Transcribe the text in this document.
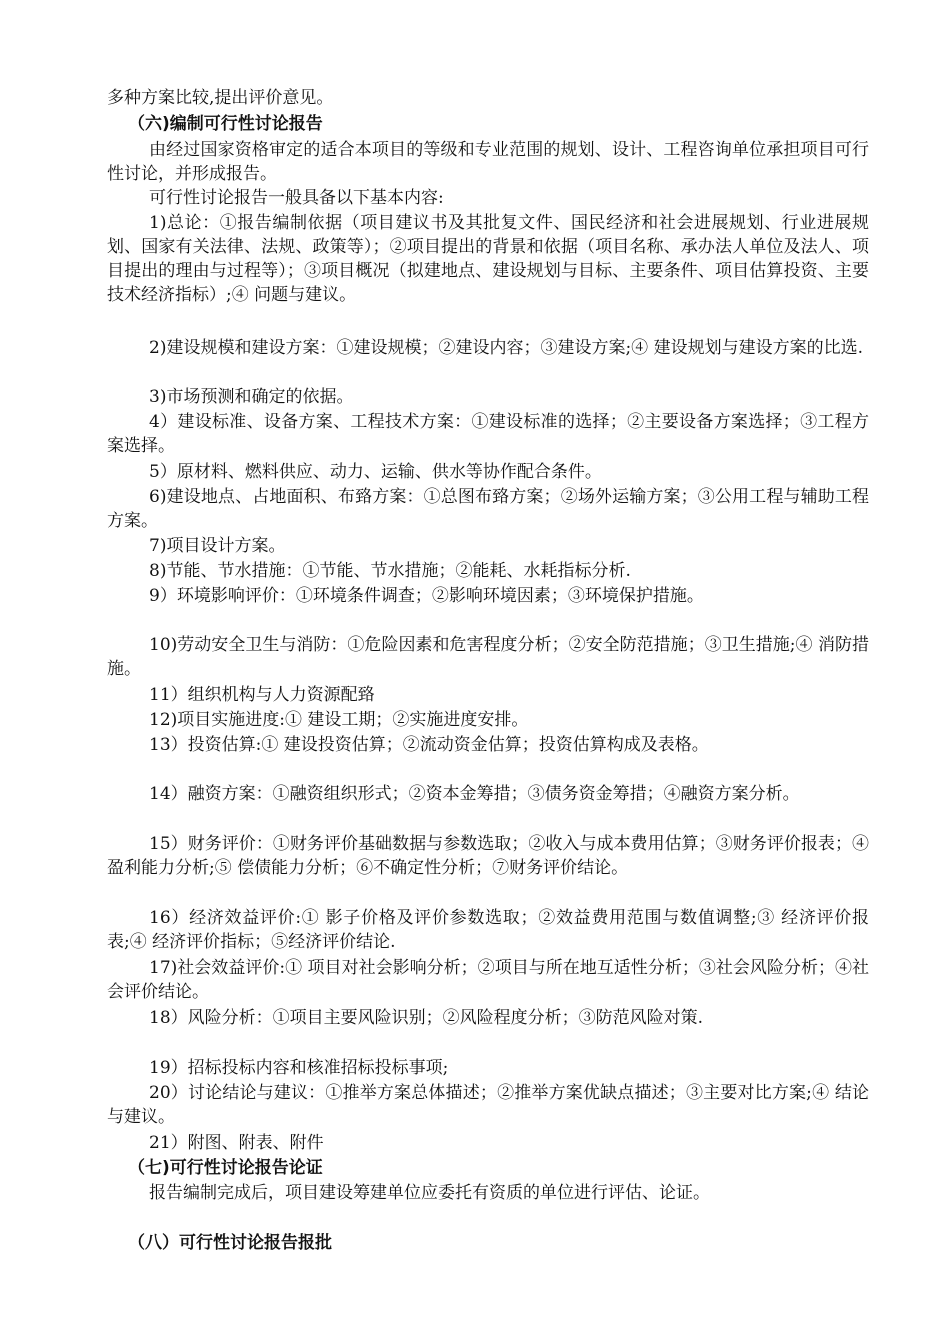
多种方案比较,提出评价意见。

（六)编制可行性讨论报告

由经过国家资格审定的适合本项目的等级和专业范围的规划、设计、工程咨询单位承担项目可行性讨论，并形成报告。

可行性讨论报告一般具备以下基本内容:

1)总论：①报告编制依据（项目建议书及其批复文件、国民经济和社会进展规划、行业进展规划、国家有关法律、法规、政策等）；②项目提出的背景和依据（项目名称、承办法人单位及法人、项目提出的理由与过程等）；③项目概况（拟建地点、建设规划与目标、主要条件、项目估算投资、主要技术经济指标）;④ 问题与建议。

2)建设规模和建设方案：①建设规模；②建设内容；③建设方案;④ 建设规划与建设方案的比选.

3)市场预测和确定的依据。

4）建设标准、设备方案、工程技术方案：①建设标准的选择；②主要设备方案选择；③工程方案选择。

5）原材料、燃料供应、动力、运输、供水等协作配合条件。

6)建设地点、占地面积、布臵方案：①总图布臵方案；②场外运输方案；③公用工程与辅助工程方案。

7)项目设计方案。

8)节能、节水措施：①节能、节水措施；②能耗、水耗指标分析.

9）环境影响评价：①环境条件调查；②影响环境因素；③环境保护措施。

10)劳动安全卫生与消防：①危险因素和危害程度分析；②安全防范措施；③卫生措施;④ 消防措施。

11）组织机构与人力资源配臵

12)项目实施进度:① 建设工期；②实施进度安排。

13）投资估算:① 建设投资估算；②流动资金估算；投资估算构成及表格。

14）融资方案：①融资组织形式；②资本金筹措；③债务资金筹措；④融资方案分析。

15）财务评价：①财务评价基础数据与参数选取；②收入与成本费用估算；③财务评价报表；④盈利能力分析;⑤ 偿债能力分析；⑥不确定性分析；⑦财务评价结论。

16）经济效益评价:① 影子价格及评价参数选取；②效益费用范围与数值调整;③ 经济评价报表;④ 经济评价指标；⑤经济评价结论.

17)社会效益评价:① 项目对社会影响分析；②项目与所在地互适性分析；③社会风险分析；④社会评价结论。

18）风险分析：①项目主要风险识别；②风险程度分析；③防范风险对策.

19）招标投标内容和核准招标投标事项;

20）讨论结论与建议：①推举方案总体描述；②推举方案优缺点描述；③主要对比方案;④ 结论与建议。

21）附图、附表、附件

（七)可行性讨论报告论证

报告编制完成后，项目建设筹建单位应委托有资质的单位进行评估、论证。

（八）可行性讨论报告报批
